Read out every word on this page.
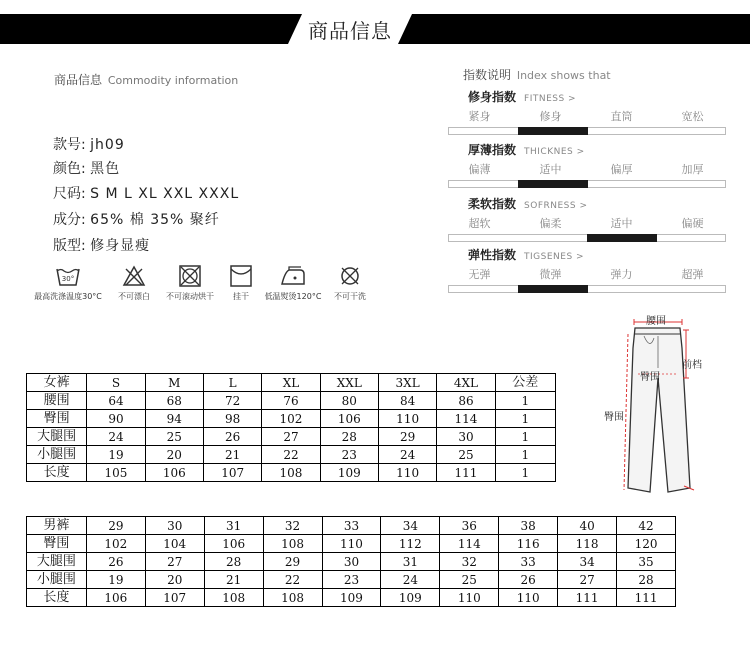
商品信息
商品信息 Commodity information
款号: jh09
颜色: 黑色
尺码: S M L XL XXL XXXL
成分: 65% 棉 35% 聚纤
版型: 修身显瘦
30°
最高洗涤温度30°C	不可漂白	不可滚动烘干	挂干	低温熨烫120°C	不可干洗
指数说明 Index shows that
修身指数 FITNESS >
紧身	修身	直筒	宽松
厚薄指数 THICKNES >
偏薄	适中	偏厚	加厚
柔软指数 SOFRNESS >
超软	偏柔	适中	偏硬
弹性指数 TIGSENES >
无弹	微弹	弹力	超弹
腰围
臀围
前档
臀围
女裤	S	M	L	XL	XXL	3XL	4XL	公差
腰围	64	68	72	76	80	84	86	1
臀围	90	94	98	102	106	110	114	1
大腿围	24	25	26	27	28	29	30	1
小腿围	19	20	21	22	23	24	25	1
长度	105	106	107	108	109	110	111	1
男裤	29	30	31	32	33	34	36	38	40	42
臀围	102	104	106	108	110	112	114	116	118	120
大腿围	26	27	28	29	30	31	32	33	34	35
小腿围	19	20	21	22	23	24	25	26	27	28
长度	106	107	108	108	109	109	110	110	111	111
